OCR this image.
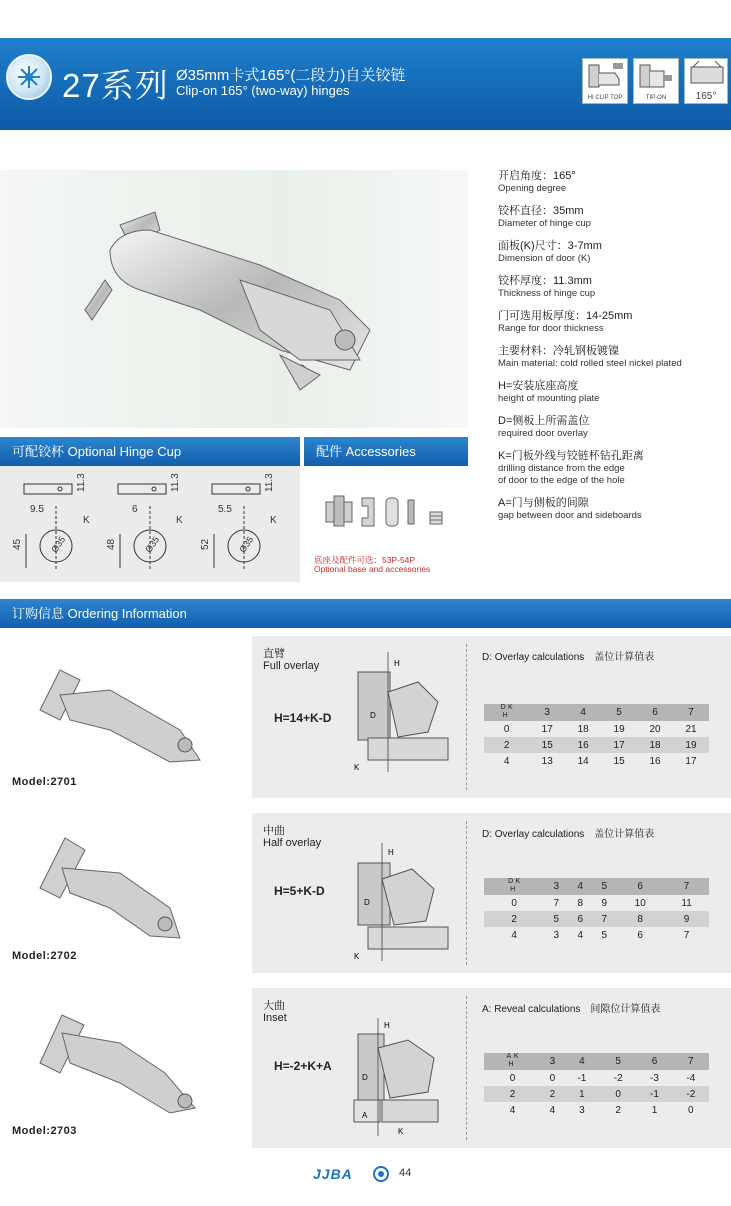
27系列 Ø35mm卡式165°(二段力)自关铰链
Clip-on 165° (two-way) hinges	HI CLIP TOP	TIP-ON	165°
开启角度：165°
Opening degree
铰杯直径：35mm
Diameter of hinge cup
面板(K)尺寸：3-7mm
Dimension of door (K)
铰杯厚度：11.3mm
Thickness of hinge cup
门可选用板厚度：14-25mm
Range for door thickness
主要材料：冷轧钢板镀镍
Main material: cold rolled steel nickel plated
H=安装底座高度
height of mounting plate
D=侧板上所需盖位
required door overlay
K=门板外线与铰链杯钻孔距离
drilling distance from the edge
of door to the edge of the hole
A=门与侧板的间隙
gap between door and sideboards
可配铰杯 Optional Hinge Cup
9.5
11.3
45	Ø35
K
6
11.3
48	Ø35
K
5.5
11.3
52	Ø35
K
配件 Accessories
底座及配件可选：53P-54P
Optional base and accessories
订购信息 Ordering Information
Model:2701
直臂
Full overlay
H=14+K-D
H
D
K
D: Overlay calculations　盖位计算值表
D K
H	3	4	5	6	7
0	17	18	19	20	21
2	15	16	17	18	19
4	13	14	15	16	17
Model:2702
中曲
Half overlay
H=5+K-D
H
D
K
D: Overlay calculations　盖位计算值表
D K
H	3	4	5	6	7
0	7	8	9	10	11
2	5	6	7	8	9
4	3	4	5	6	7
Model:2703
大曲
Inset
H=-2+K+A
H
D
A
K
A: Reveal calculations　间隙位计算值表
A K
H	3	4	5	6	7
0	0	-1	-2	-3	-4
2	2	1	0	-1	-2
4	4	3	2	1	0
JJBA	44
